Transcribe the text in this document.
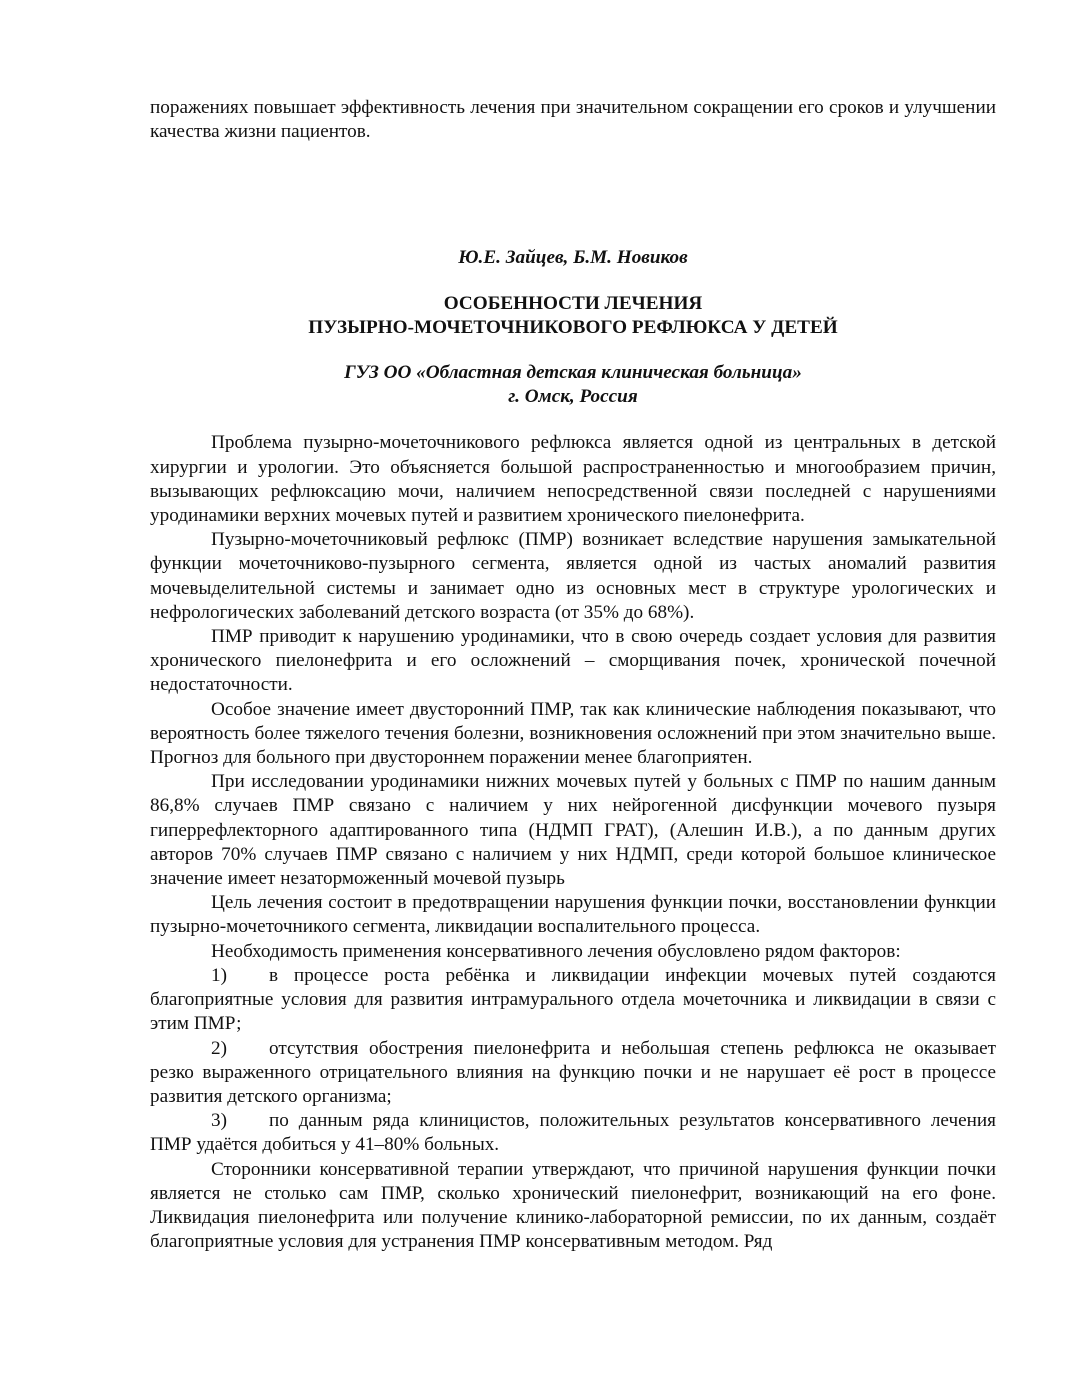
поражениях повышает эффективность лечения при значительном сокращении его сроков и улучшении качества жизни пациентов.

Ю.Е. Зайцев, Б.М. Новиков
ОСОБЕННОСТИ ЛЕЧЕНИЯ
ПУЗЫРНО-МОЧЕТОЧНИКОВОГО РЕФЛЮКСА У ДЕТЕЙ
ГУЗ ОО «Областная детская клиническая больница»
г. Омск, Россия

Проблема пузырно-мочеточникового рефлюкса является одной из центральных в детской хирургии и урологии. Это объясняется большой распространенностью и многообразием причин, вызывающих рефлюксацию мочи, наличием непосредственной связи последней с нарушениями уродинамики верхних мочевых путей и развитием хронического пиелонефрита.

Пузырно-мочеточниковый рефлюкс (ПМР) возникает вследствие нарушения замыкательной функции мочеточниково-пузырного сегмента, является одной из частых аномалий развития мочевыделительной системы и занимает одно из основных мест в структуре урологических и нефрологических заболеваний детского возраста (от 35% до 68%).

ПМР приводит к нарушению уродинамики, что в свою очередь создает условия для развития хронического пиелонефрита и его осложнений – сморщивания почек, хронической почечной недостаточности.

Особое значение имеет двусторонний ПМР, так как клинические наблюдения показывают, что вероятность более тяжелого течения болезни, возникновения осложнений при этом значительно выше. Прогноз для больного при двустороннем поражении менее благоприятен.

При исследовании уродинамики нижних мочевых путей у больных с ПМР по нашим данным 86,8% случаев ПМР связано с наличием у них нейрогенной дисфункции мочевого пузыря гиперрефлекторного адаптированного типа (НДМП ГРАТ), (Алешин И.В.), а по данным других авторов 70% случаев ПМР связано с наличием у них НДМП, среди которой большое клиническое значение имеет незаторможенный мочевой пузырь

Цель лечения состоит в предотвращении нарушения функции почки, восстановлении функции пузырно-мочеточникого сегмента, ликвидации воспалительного процесса.

Необходимость применения консервативного лечения обусловлено рядом факторов:

1) в процессе роста ребёнка и ликвидации инфекции мочевых путей создаются благоприятные условия для развития интрамурального отдела мочеточника и ликвидации в связи с этим ПМР;

2) отсутствия обострения пиелонефрита и небольшая степень рефлюкса не оказывает резко выраженного отрицательного влияния на функцию почки и не нарушает её рост в процессе развития детского организма;

3) по данным ряда клиницистов, положительных результатов консервативного лечения ПМР удаётся добиться у 41–80% больных.

Сторонники консервативной терапии утверждают, что причиной нарушения функции почки является не столько сам ПМР, сколько хронический пиелонефрит, возникающий на его фоне. Ликвидация пиелонефрита или получение клинико-лабораторной ремиссии, по их данным, создаёт благоприятные условия для устранения ПМР консервативным методом. Ряд
